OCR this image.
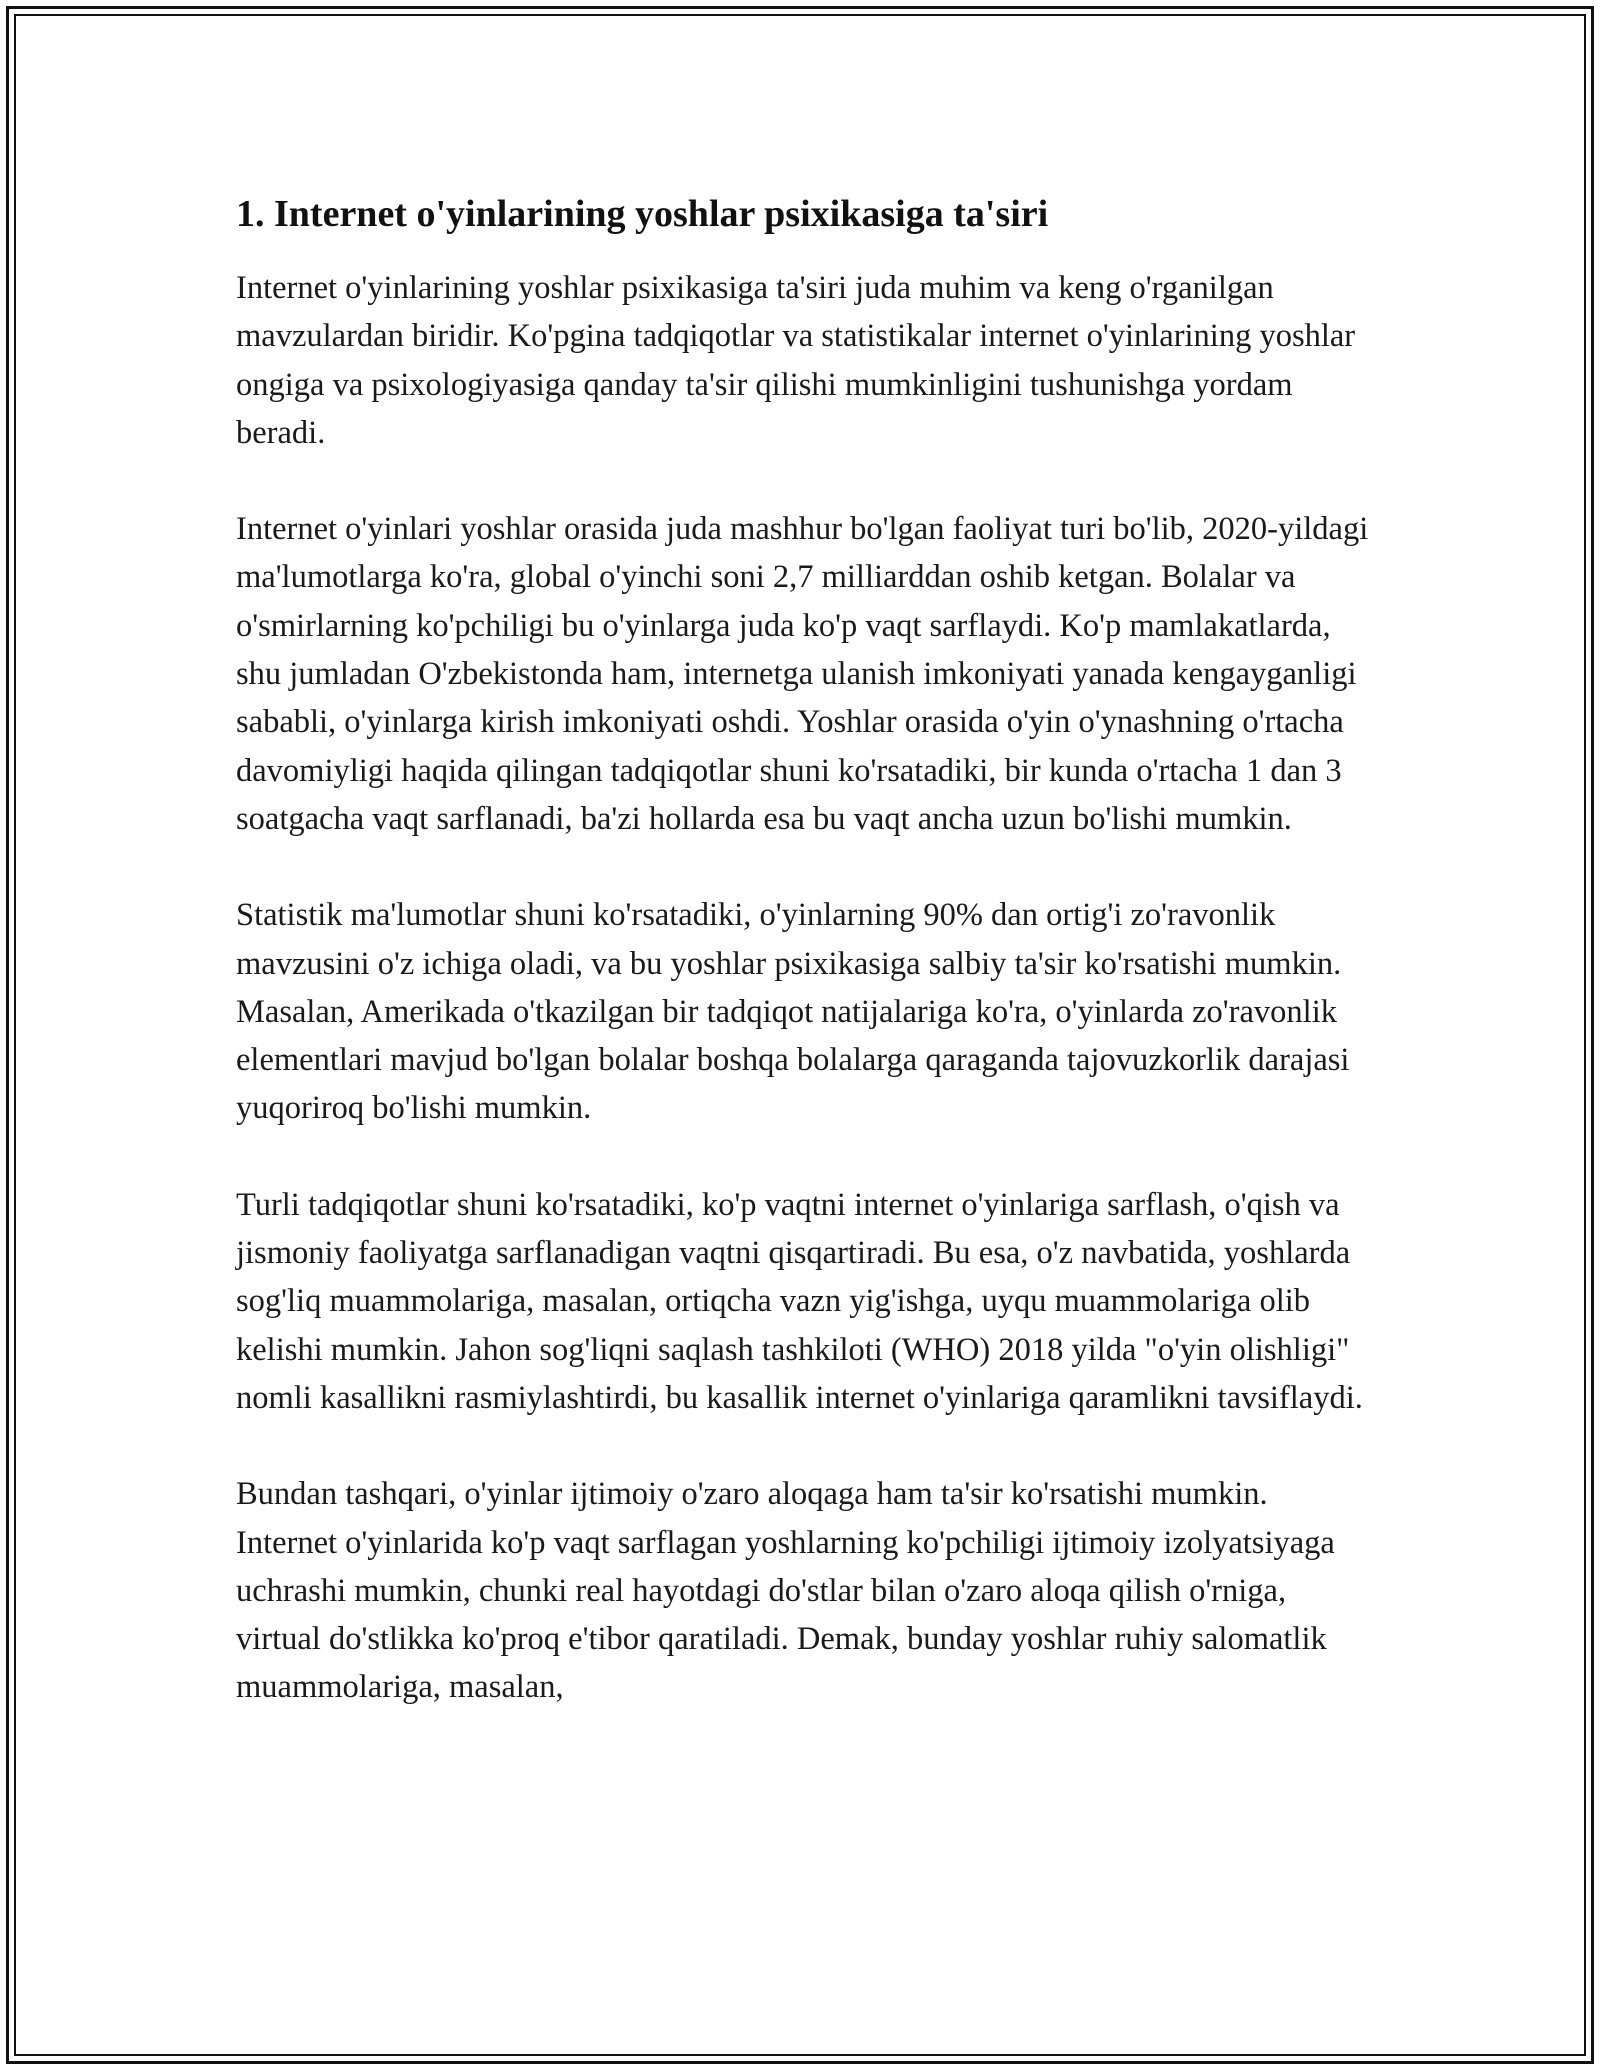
1. Internet o'yinlarining yoshlar psixikasiga ta'siri

Internet o'yinlarining yoshlar psixikasiga ta'siri juda muhim va keng o'rganilgan mavzulardan biridir. Ko'pgina tadqiqotlar va statistikalar internet o'yinlarining yoshlar ongiga va psixologiyasiga qanday ta'sir qilishi mumkinligini tushunishga yordam beradi.

Internet o'yinlari yoshlar orasida juda mashhur bo'lgan faoliyat turi bo'lib, 2020-yildagi ma'lumotlarga ko'ra, global o'yinchi soni 2,7 milliarddan oshib ketgan. Bolalar va o'smirlarning ko'pchiligi bu o'yinlarga juda ko'p vaqt sarflaydi. Ko'p mamlakatlarda, shu jumladan O'zbekistonda ham, internetga ulanish imkoniyati yanada kengayganligi sababli, o'yinlarga kirish imkoniyati oshdi. Yoshlar orasida o'yin o'ynashning o'rtacha davomiyligi haqida qilingan tadqiqotlar shuni ko'rsatadiki, bir kunda o'rtacha 1 dan 3 soatgacha vaqt sarflanadi, ba'zi hollarda esa bu vaqt ancha uzun bo'lishi mumkin.

Statistik ma'lumotlar shuni ko'rsatadiki, o'yinlarning 90% dan ortig'i zo'ravonlik mavzusini o'z ichiga oladi, va bu yoshlar psixikasiga salbiy ta'sir ko'rsatishi mumkin. Masalan, Amerikada o'tkazilgan bir tadqiqot natijalariga ko'ra, o'yinlarda zo'ravonlik elementlari mavjud bo'lgan bolalar boshqa bolalarga qaraganda tajovuzkorlik darajasi yuqoriroq bo'lishi mumkin.

Turli tadqiqotlar shuni ko'rsatadiki, ko'p vaqtni internet o'yinlariga sarflash, o'qish va jismoniy faoliyatga sarflanadigan vaqtni qisqartiradi. Bu esa, o'z navbatida, yoshlarda sog'liq muammolariga, masalan, ortiqcha vazn yig'ishga, uyqu muammolariga olib kelishi mumkin. Jahon sog'liqni saqlash tashkiloti (WHO) 2018 yilda "o'yin olishligi" nomli kasallikni rasmiylashtirdi, bu kasallik internet o'yinlariga qaramlikni tavsiflaydi.

Bundan tashqari, o'yinlar ijtimoiy o'zaro aloqaga ham ta'sir ko'rsatishi mumkin. Internet o'yinlarida ko'p vaqt sarflagan yoshlarning ko'pchiligi ijtimoiy izolyatsiyaga uchrashi mumkin, chunki real hayotdagi do'stlar bilan o'zaro aloqa qilish o'rniga, virtual do'stlikka ko'proq e'tibor qaratiladi. Demak, bunday yoshlar ruhiy salomatlik muammolariga, masalan,
